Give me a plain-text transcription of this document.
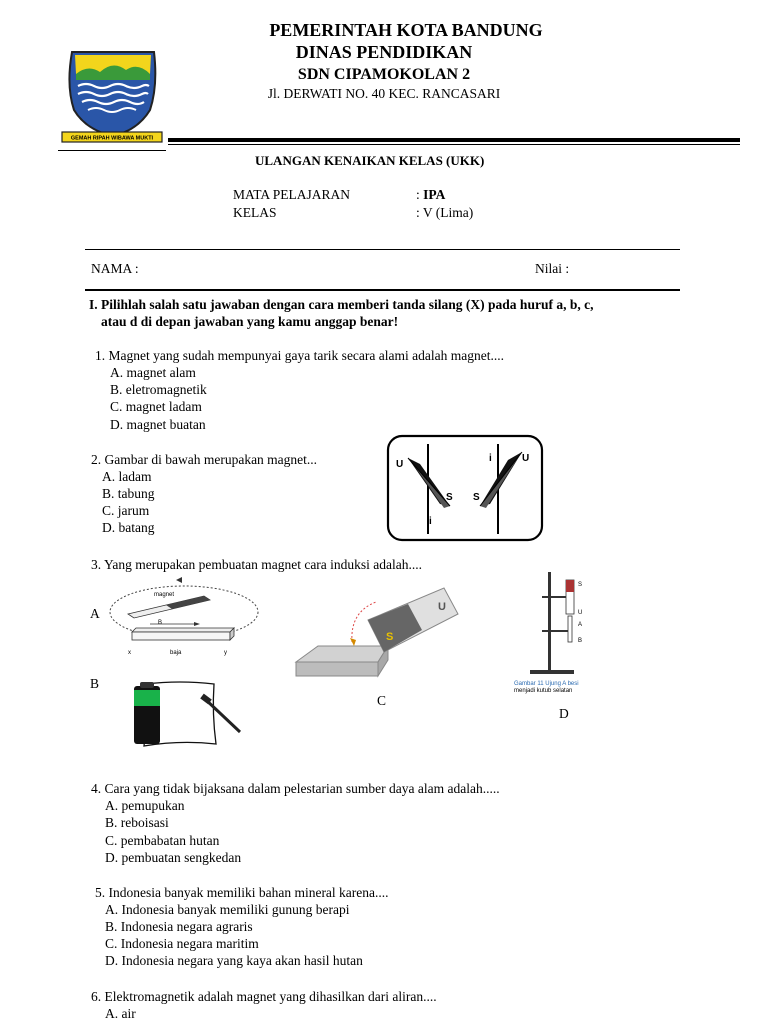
GEMAH RIPAH WIBAWA MUKTI
PEMERINTAH KOTA BANDUNG
DINAS PENDIDIKAN
SDN CIPAMOKOLAN 2
Jl. DERWATI NO. 40 KEC. RANCASARI
ULANGAN KENAIKAN KELAS (UKK)
MATA PELAJARAN	: IPA
KELAS	: V (Lima)
NAMA :	Nilai :
I. Pilihlah salah satu jawaban dengan cara memberi tanda silang (X) pada huruf a, b, c,
atau d di depan jawaban yang kamu anggap benar!
1. Magnet yang sudah mempunyai gaya tarik secara alami adalah magnet....
A. magnet alam
B. eletromagnetik
C. magnet ladam
D. magnet buatan
2. Gambar di bawah merupakan magnet...
A. ladam
B. tabung
C. jarum
D. batang
U
S
i
i
S
U
3. Yang merupakan pembuatan magnet cara induksi adalah....
A
B
C
D
magnet
baja
x	y
B
S
U
S
U
A
B
Gambar 11 Ujung A besi
menjadi kutub selatan
4. Cara yang tidak bijaksana dalam pelestarian sumber daya alam adalah.....
A. pemupukan
B. reboisasi
C. pembabatan hutan
D. pembuatan sengkedan
5. Indonesia banyak memiliki bahan mineral karena....
A. Indonesia banyak memiliki gunung berapi
B. Indonesia negara agraris
C. Indonesia negara maritim
D. Indonesia negara yang kaya akan hasil hutan
6. Elektromagnetik adalah magnet yang dihasilkan dari aliran....
A. air
